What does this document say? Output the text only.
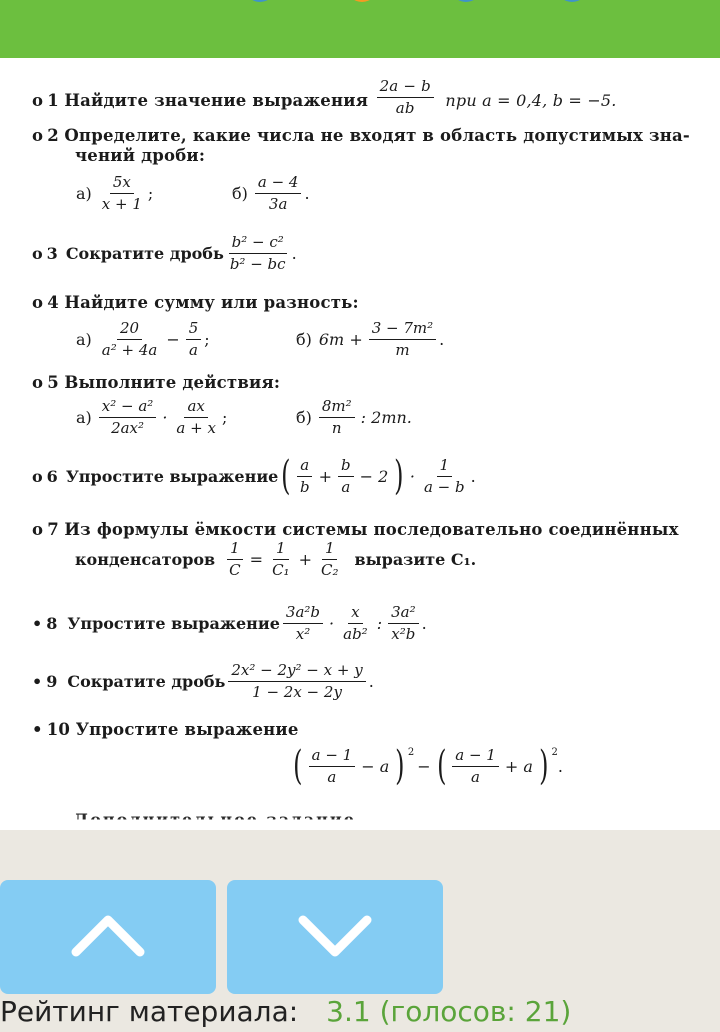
o 1 Найдите значение выражения $\frac{2a - b}{ab}$ при a = 0,4, b = −5.
o 2 Определите, какие числа не входят в область допустимых зна-
чений дроби:
$а) \frac{5x}{x + 1}$ ;	$б) \frac{a - 4}{3a}$ .
o 3 Сократите дробь $\frac{\text{b² − c²}}{\text{b² − bc}}$ .
o 4 Найдите сумму или разность:
$а) \frac{20}{\text{a² + 4a}} - \frac{5}{a}$ ;	б) $6m + \frac{\text{3 − 7m²}}{m}$ .
o 5 Выполните действия:
$а) \frac{\text{x² − a²}}{\text{2ax²}} \cdot \frac{ax}{a + x}$ ;	$б) \frac{\text{8m²}}{n}$ : 2mn.
o 6 Упростите выражение ( $\frac{a}{b} + \frac{b}{a} - 2$ ) · $\frac{1}{a - b}$ .
o 7 Из формулы ёмкости системы последовательно соединённых
конденсаторов $\frac{1}{C} = \frac{1}{\text{C₁}} + \frac{1}{\text{C₂}}$ выразите C₁.
• 8 Упростите выражение $\frac{\text{3a²b}}{\text{x²}} \cdot \frac{x}{\text{ab²}}$ : $\frac{\text{3a²}}{\text{x²b}}$ .
• 9 Сократите дробь $\frac{\text{2x² − 2y² − x + y}}{1 - 2x - 2y}$ .
• 10 Упростите выражение
( $\frac{a - 1}{a} - a$ ) $^2$
− ( $\frac{a - 1}{a} + a$ ) $^2$
.
Рейтинг материала: 3.1 (голосов: 21)
